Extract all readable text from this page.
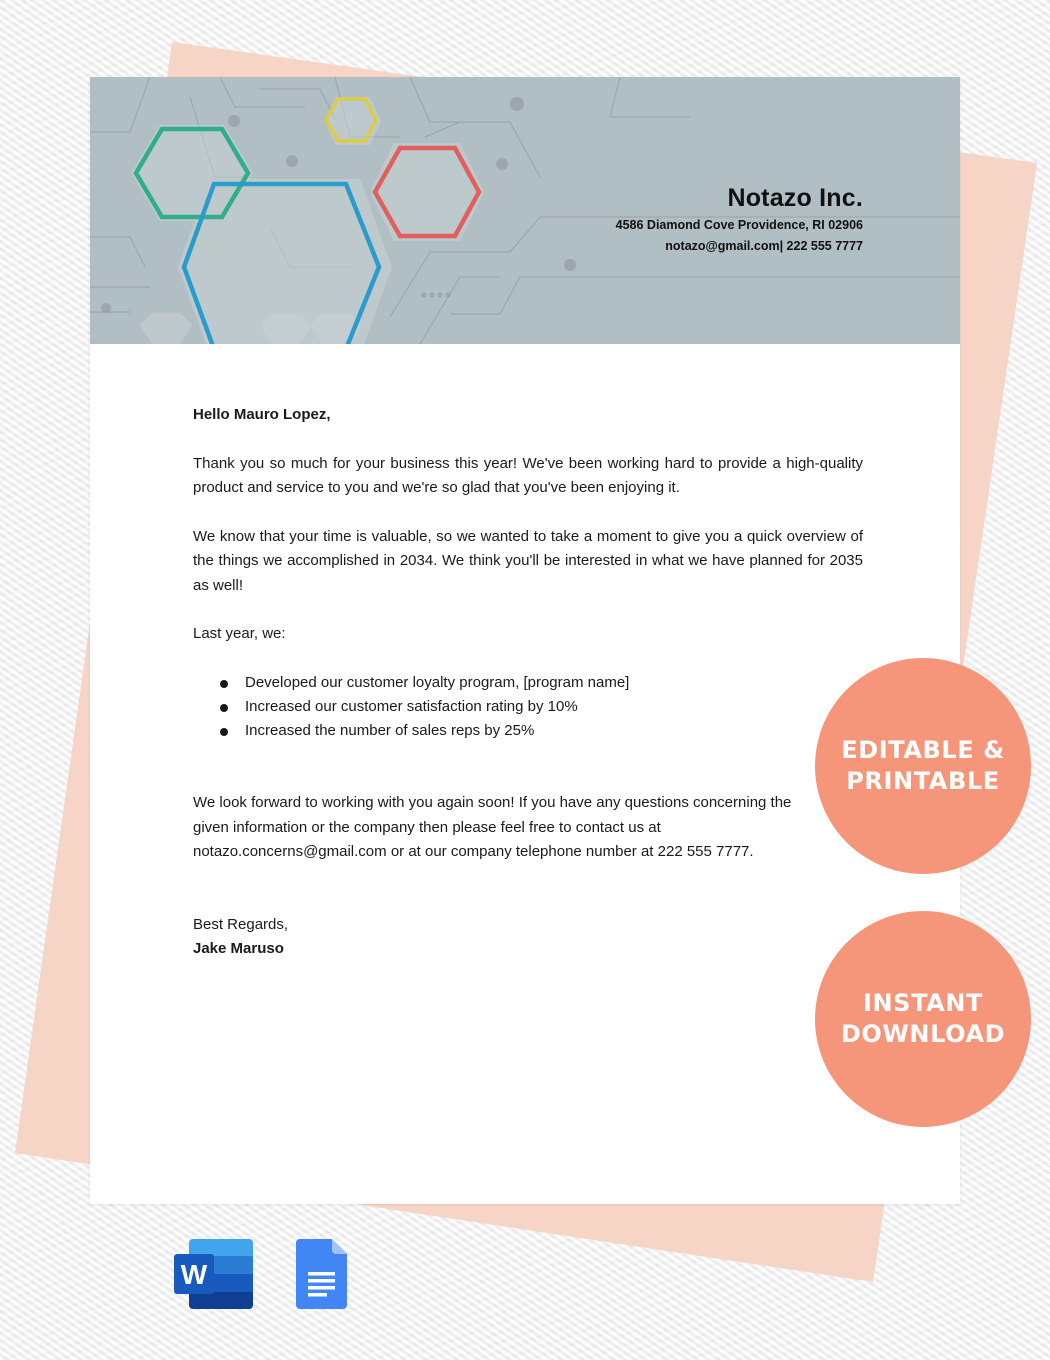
Notazo Inc.
4586 Diamond Cove Providence, RI 02906
notazo@gmail.com| 222 555 7777

Hello Mauro Lopez,

Thank you so much for your business this year! We've been working hard to provide a high-quality product and service to you and we're so glad that you've been enjoying it.

We know that your time is valuable, so we wanted to take a moment to give you a quick overview of the things we accomplished in 2034. We think you'll be interested in what we have planned for 2035 as well!

Last year, we:

Developed our customer loyalty program, [program name]
Increased our customer satisfaction rating by 10%
Increased the number of sales reps by 25%

We look forward to working with you again soon! If you have any questions concerning the
given information or the company then please feel free to contact us at
notazo.concerns@gmail.com or at our company telephone number at 222 555 7777.

Best Regards,
Jake Maruso
EDITABLE &
PRINTABLE
INSTANT
DOWNLOAD
W
